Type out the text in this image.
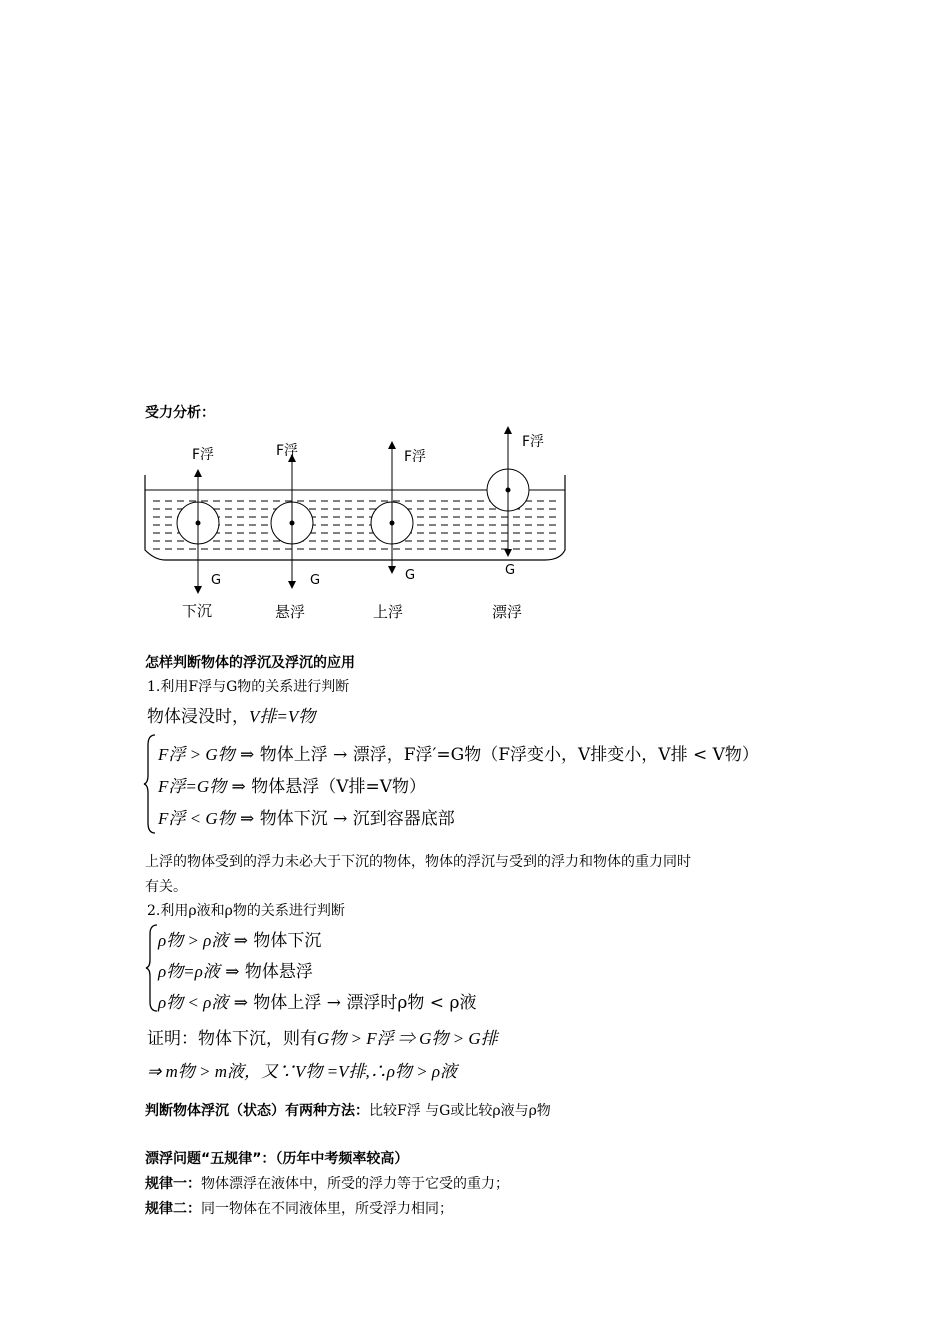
受力分析：
F浮	F浮	F浮
F浮
G	G	G	G
下沉	悬浮	上浮	漂浮
怎样判断物体的浮沉及浮沉的应用
1.利用F浮与G物的关系进行判断
物体浸没时，V排=V物
F浮 > G物 ⇒ 物体上浮 → 漂浮，F浮′=G物（F浮变小，V排变小，V排 < V物）
F浮=G物 ⇒ 物体悬浮（V排=V物）
F浮 < G物 ⇒ 物体下沉 → 沉到容器底部
上浮的物体受到的浮力未必大于下沉的物体，物体的浮沉与受到的浮力和物体的重力同时
有关。
2.利用ρ液和ρ物的关系进行判断
ρ物 > ρ液 ⇒ 物体下沉
ρ物=ρ液 ⇒ 物体悬浮
ρ物 < ρ液 ⇒ 物体上浮 → 漂浮时ρ物 < ρ液
证明：物体下沉，则有G物 > F浮 ⇒ G物 > G排
⇒ m物 > m液，又∵V物 =V排,∴ρ物 > ρ液
判断物体浮沉（状态）有两种方法：比较F浮 与G或比较ρ液与ρ物
漂浮问题“五规律”：（历年中考频率较高）
规律一：物体漂浮在液体中，所受的浮力等于它受的重力；
规律二：同一物体在不同液体里，所受浮力相同；
